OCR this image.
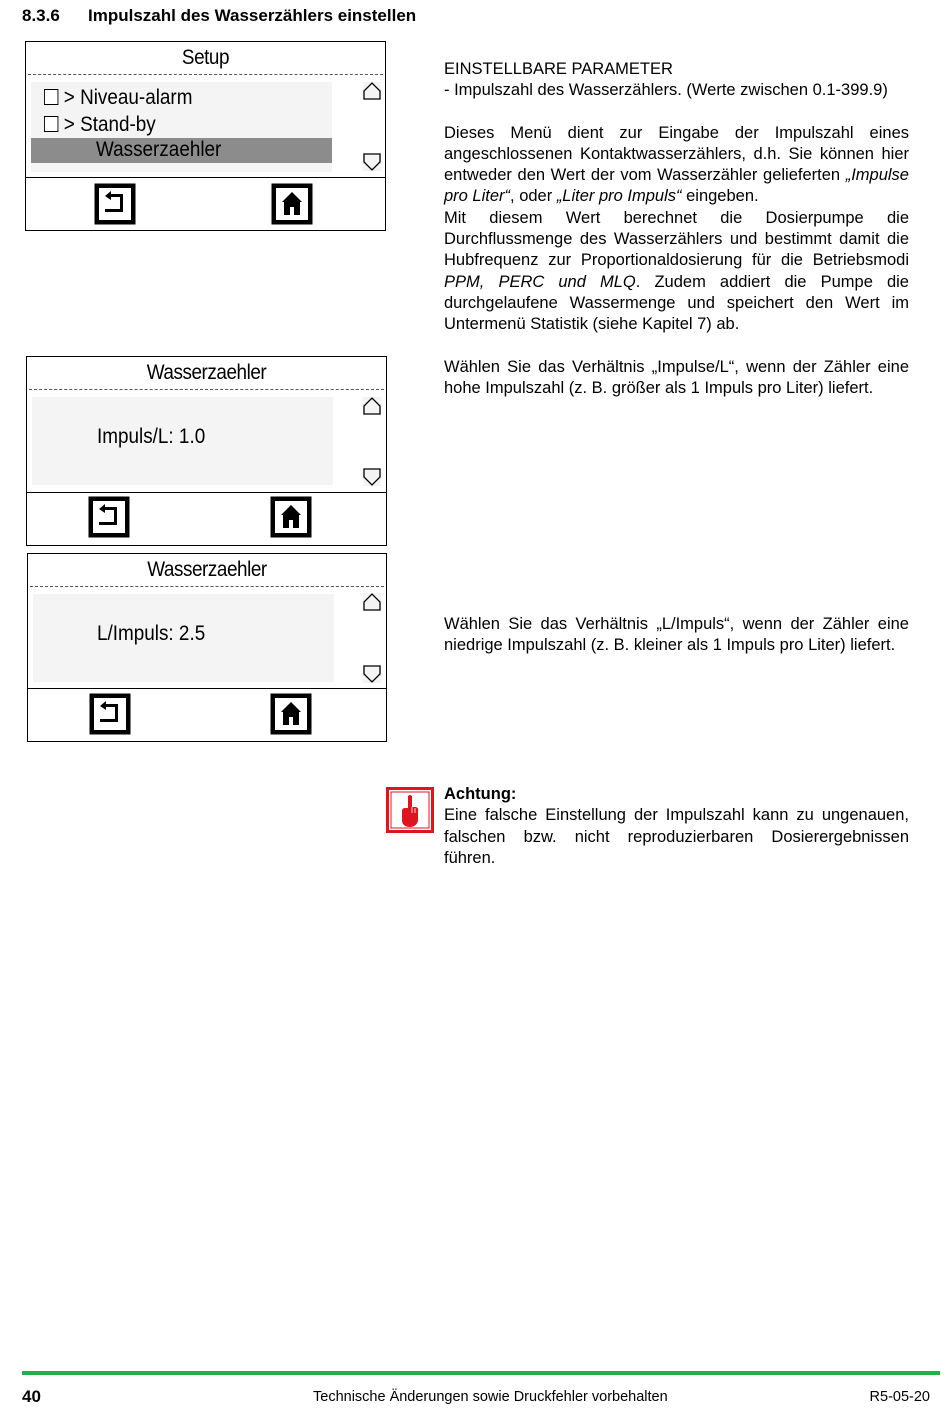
8.3.6 Impulszahl des Wasserzählers einstellen
Setup
> Niveau-alarm
> Stand-by
Wasserzaehler
Wasserzaehler
Impuls/L: 1.0
Wasserzaehler
L/Impuls: 2.5

EINSTELLBARE PARAMETER

- Impulszahl des Wasserzählers. (Werte zwischen 0.1-399.9)

Dieses Menü dient zur Eingabe der Impulszahl eines angeschlossenen Kontaktwasserzählers, d.h. Sie können hier entweder den Wert der vom Wasserzähler gelieferten „Impulse pro Liter“, oder „Liter pro Impuls“ eingeben.

Mit diesem Wert berechnet die Dosierpumpe die Durchflussmenge des Wasserzählers und bestimmt damit die Hubfrequenz zur Proportionaldosierung für die Betriebsmodi PPM, PERC und MLQ. Zudem addiert die Pumpe die durchgelaufene Wassermenge und speichert den Wert im Untermenü Statistik (siehe Kapitel 7) ab.

Wählen Sie das Verhältnis „Impulse/L“, wenn der Zähler eine hohe Impulszahl (z. B. größer als 1 Impuls pro Liter) liefert.

Wählen Sie das Verhältnis „L/Impuls“, wenn der Zähler eine niedrige Impulszahl (z. B. kleiner als 1 Impuls pro Liter) liefert.

Achtung:

Eine falsche Einstellung der Impulszahl kann zu ungenauen, falschen bzw. nicht reproduzierbaren Dosierergebnissen führen.

40	Technische Änderungen sowie Druckfehler vorbehalten	R5-05-20
